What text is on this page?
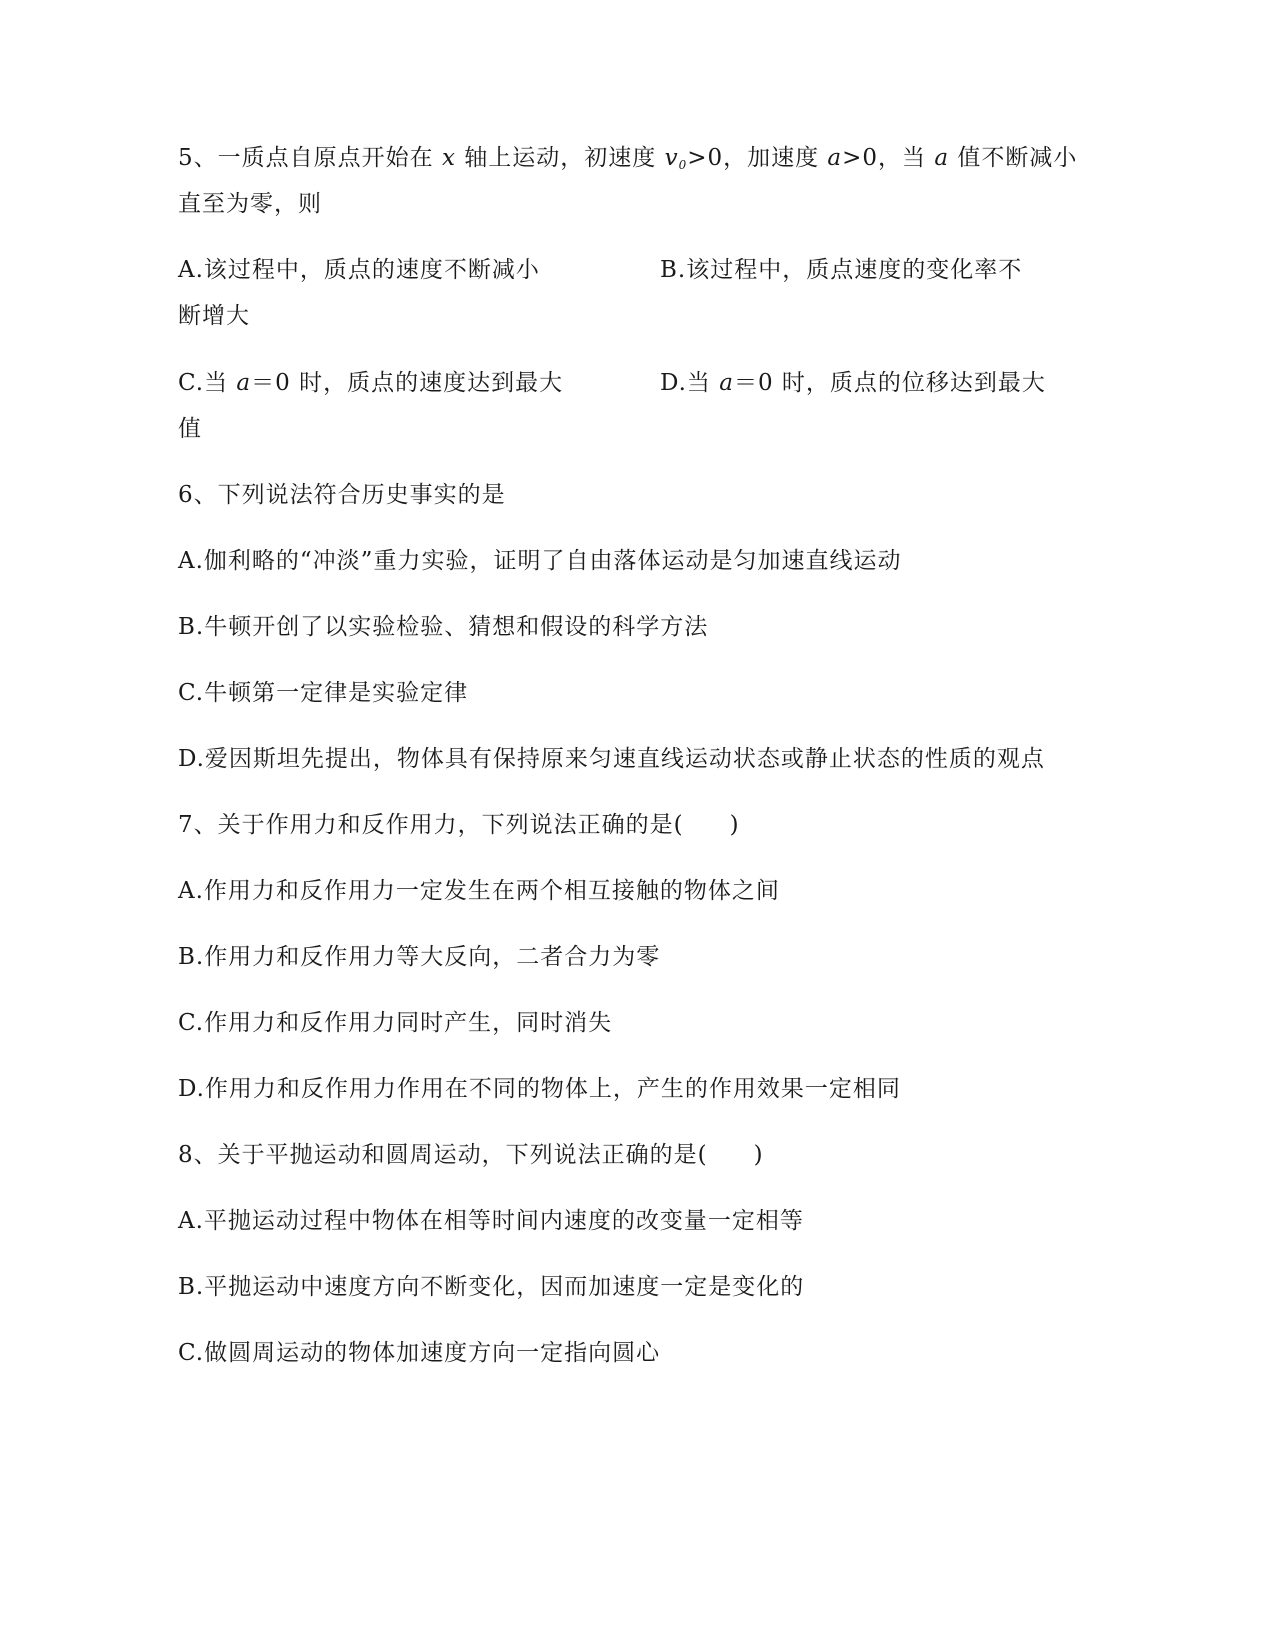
5、一质点自原点开始在 x 轴上运动，初速度 $v_0>0$，加速度 a>0，当 a 值不断减小
直至为零，则
A.该过程中，质点的速度不断减小	B.该过程中，质点速度的变化率不
断增大
C.当 a＝0 时，质点的速度达到最大	D.当 a＝0 时，质点的位移达到最大
值
6、下列说法符合历史事实的是
A.伽利略的“冲淡”重力实验，证明了自由落体运动是匀加速直线运动
B.牛顿开创了以实验检验、猜想和假设的科学方法
C.牛顿第一定律是实验定律
D.爱因斯坦先提出，物体具有保持原来匀速直线运动状态或静止状态的性质的观点
7、关于作用力和反作用力，下列说法正确的是( )
A.作用力和反作用力一定发生在两个相互接触的物体之间
B.作用力和反作用力等大反向，二者合力为零
C.作用力和反作用力同时产生，同时消失
D.作用力和反作用力作用在不同的物体上，产生的作用效果一定相同
8、关于平抛运动和圆周运动，下列说法正确的是( )
A.平抛运动过程中物体在相等时间内速度的改变量一定相等
B.平抛运动中速度方向不断变化，因而加速度一定是变化的
C.做圆周运动的物体加速度方向一定指向圆心
